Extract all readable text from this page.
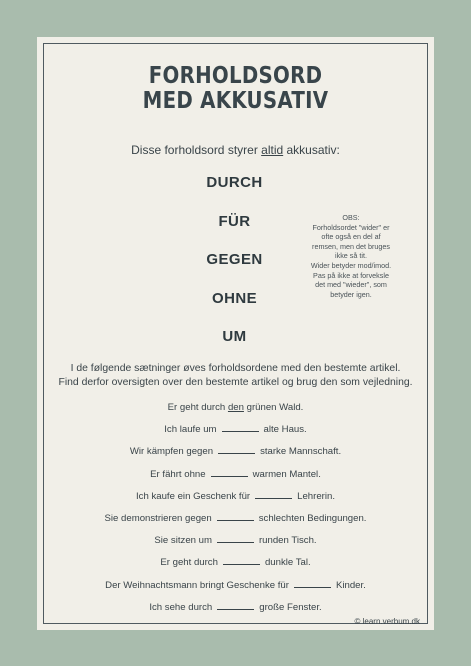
FORHOLDSORD
MED AKKUSATIV
Disse forholdsord styrer altid akkusativ:
DURCH
FÜR
GEGEN
OHNE
UM
OBS:
Forholdsordet "wider" er
ofte også en del af
remsen, men det bruges
ikke så tit.
Wider betyder mod/imod.
Pas på ikke at forveksle
det med "wieder", som
betyder igen.
I de følgende sætninger øves forholdsordene med den bestemte artikel.
Find derfor oversigten over den bestemte artikel og brug den som vejledning.
Er geht durch den grünen Wald.
Ich laufe um	alte Haus.
Wir kämpfen gegen	starke Mannschaft.
Er fährt ohne	warmen Mantel.
Ich kaufe ein Geschenk für	Lehrerin.
Sie demonstrieren gegen	schlechten Bedingungen.
Sie sitzen um	runden Tisch.
Er geht durch	dunkle Tal.
Der Weihnachtsmann bringt Geschenke für	Kinder.
Ich sehe durch	große Fenster.
© learn.verbum.dk
